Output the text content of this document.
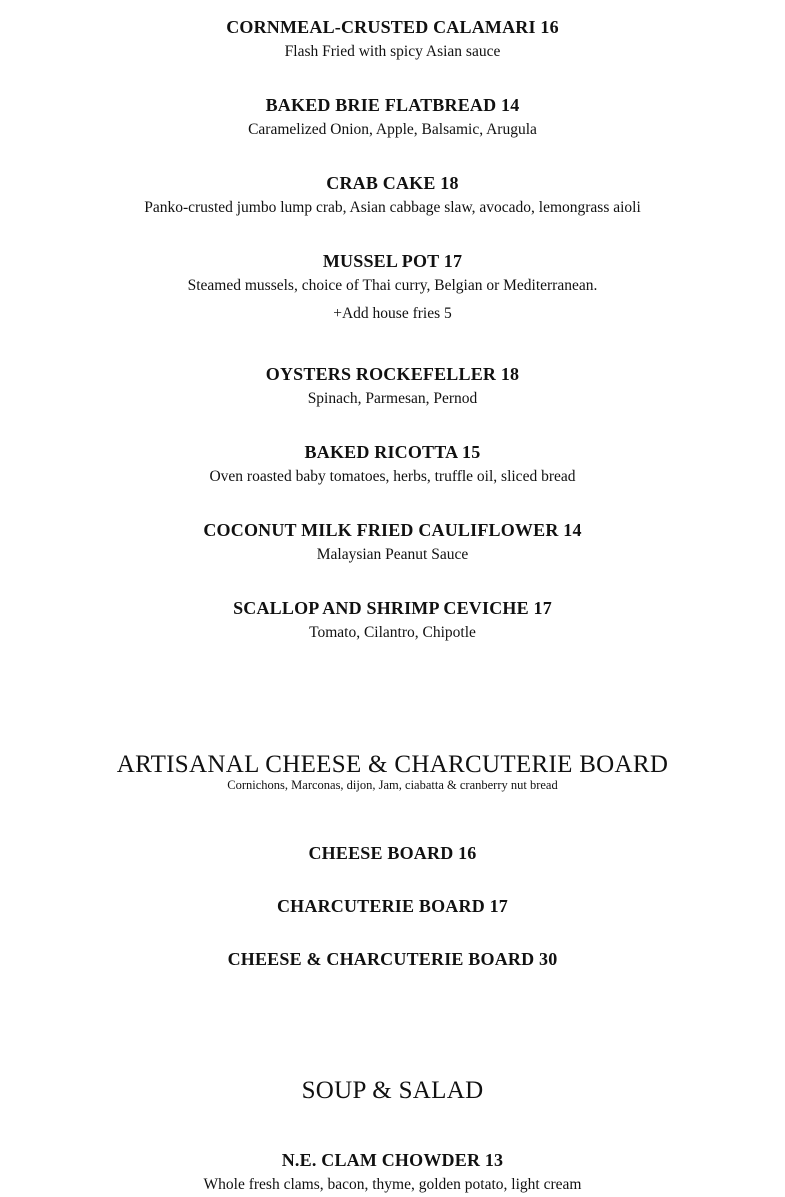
CORNMEAL-CRUSTED CALAMARI 16
Flash Fried with spicy Asian sauce
BAKED BRIE FLATBREAD 14
Caramelized Onion, Apple, Balsamic, Arugula
CRAB CAKE 18
Panko-crusted jumbo lump crab, Asian cabbage slaw, avocado, lemongrass aioli
MUSSEL POT 17
Steamed mussels, choice of Thai curry, Belgian or Mediterranean.
+Add house fries 5
OYSTERS ROCKEFELLER 18
Spinach, Parmesan, Pernod
BAKED RICOTTA 15
Oven roasted baby tomatoes, herbs, truffle oil, sliced bread
COCONUT MILK FRIED CAULIFLOWER 14
Malaysian Peanut Sauce
SCALLOP AND SHRIMP CEVICHE 17
Tomato, Cilantro, Chipotle
ARTISANAL CHEESE & CHARCUTERIE BOARD
Cornichons, Marconas, dijon, Jam, ciabatta & cranberry nut bread
CHEESE BOARD 16
CHARCUTERIE BOARD 17
CHEESE & CHARCUTERIE BOARD 30
SOUP & SALAD
N.E. CLAM CHOWDER 13
Whole fresh clams, bacon, thyme, golden potato, light cream
